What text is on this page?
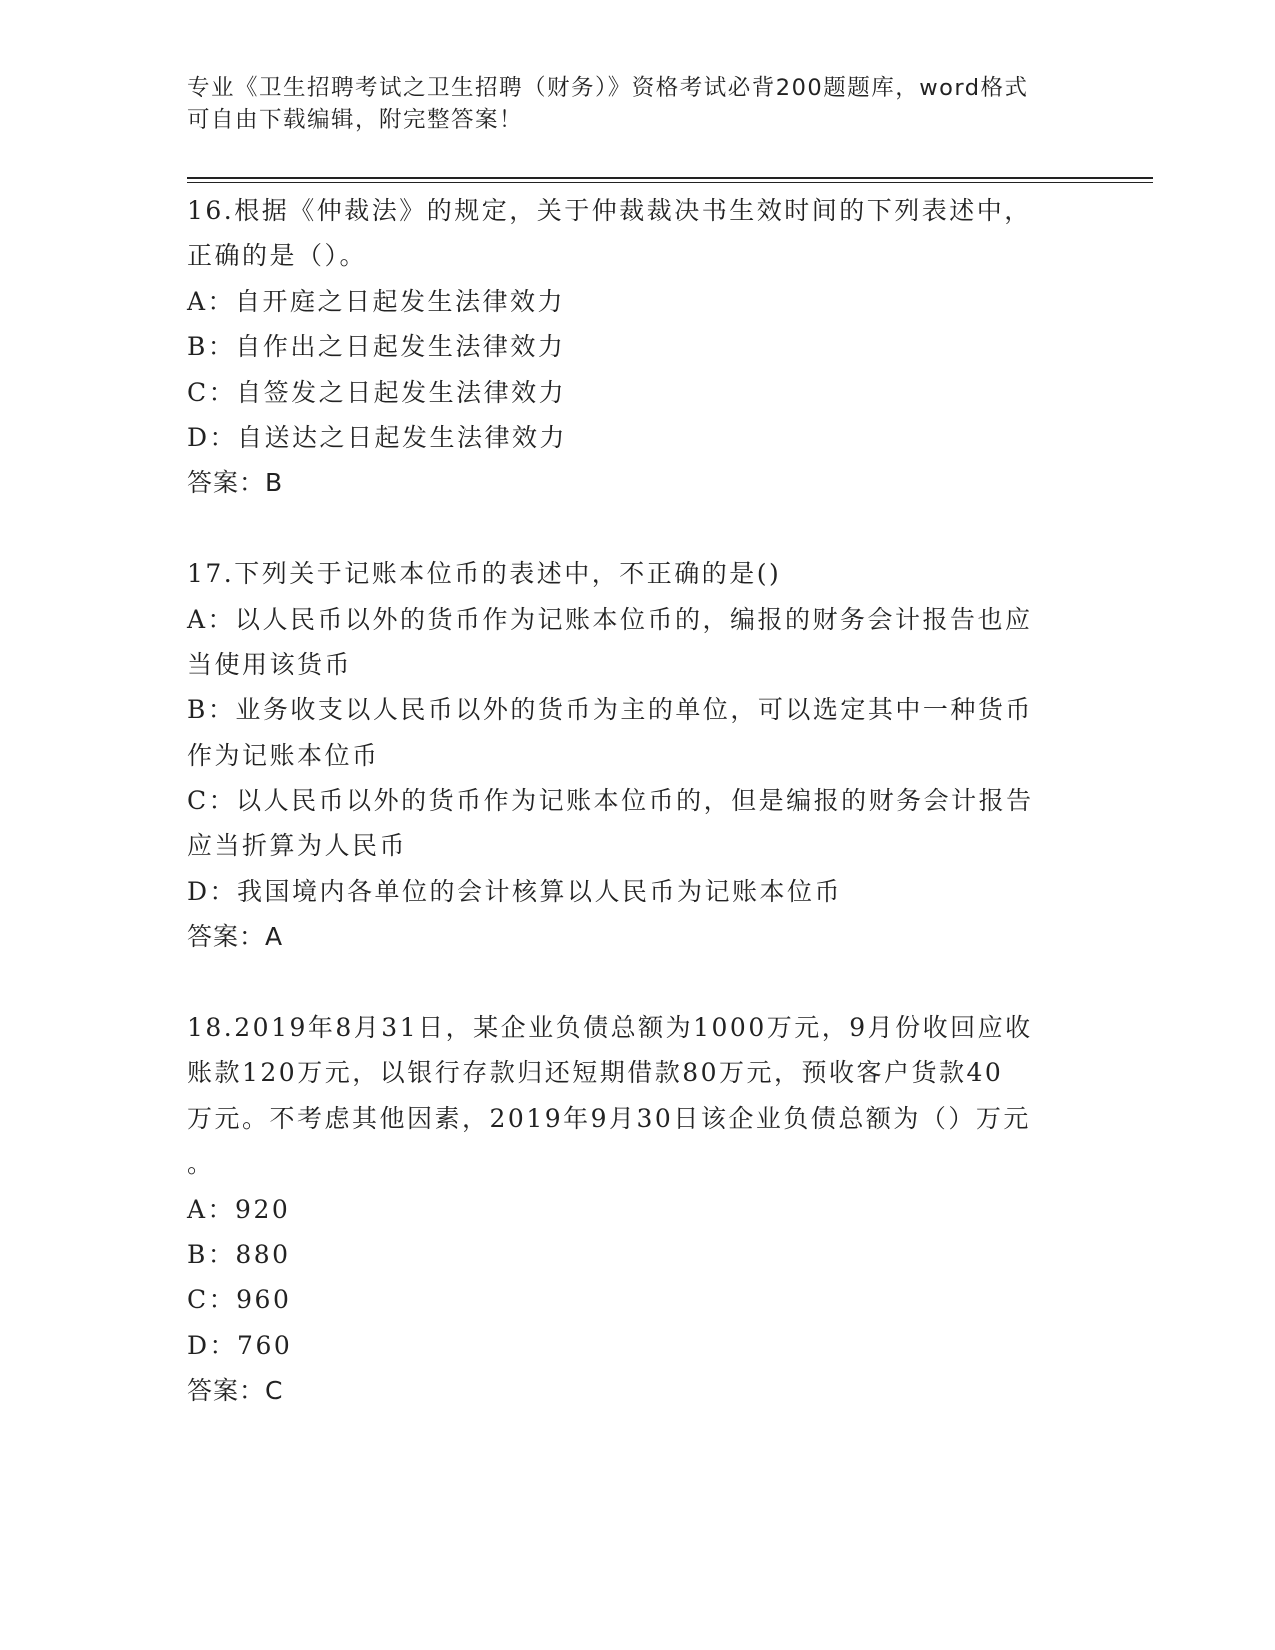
专业《卫生招聘考试之卫生招聘（财务）》资格考试必背200题题库，word格式
可自由下载编辑，附完整答案！
16.根据《仲裁法》的规定，关于仲裁裁决书生效时间的下列表述中，
正确的是（）。
A：自开庭之日起发生法律效力
B：自作出之日起发生法律效力
C：自签发之日起发生法律效力
D：自送达之日起发生法律效力
答案：B
17.下列关于记账本位币的表述中，不正确的是()
A：以人民币以外的货币作为记账本位币的，编报的财务会计报告也应
当使用该货币
B：业务收支以人民币以外的货币为主的单位，可以选定其中一种货币
作为记账本位币
C：以人民币以外的货币作为记账本位币的，但是编报的财务会计报告
应当折算为人民币
D：我国境内各单位的会计核算以人民币为记账本位币
答案：A
18.2019年8月31日，某企业负债总额为1000万元，9月份收回应收
账款120万元，以银行存款归还短期借款80万元，预收客户货款40
万元。不考虑其他因素，2019年9月30日该企业负债总额为（）万元
。
A：920
B：880
C：960
D：760
答案：C
